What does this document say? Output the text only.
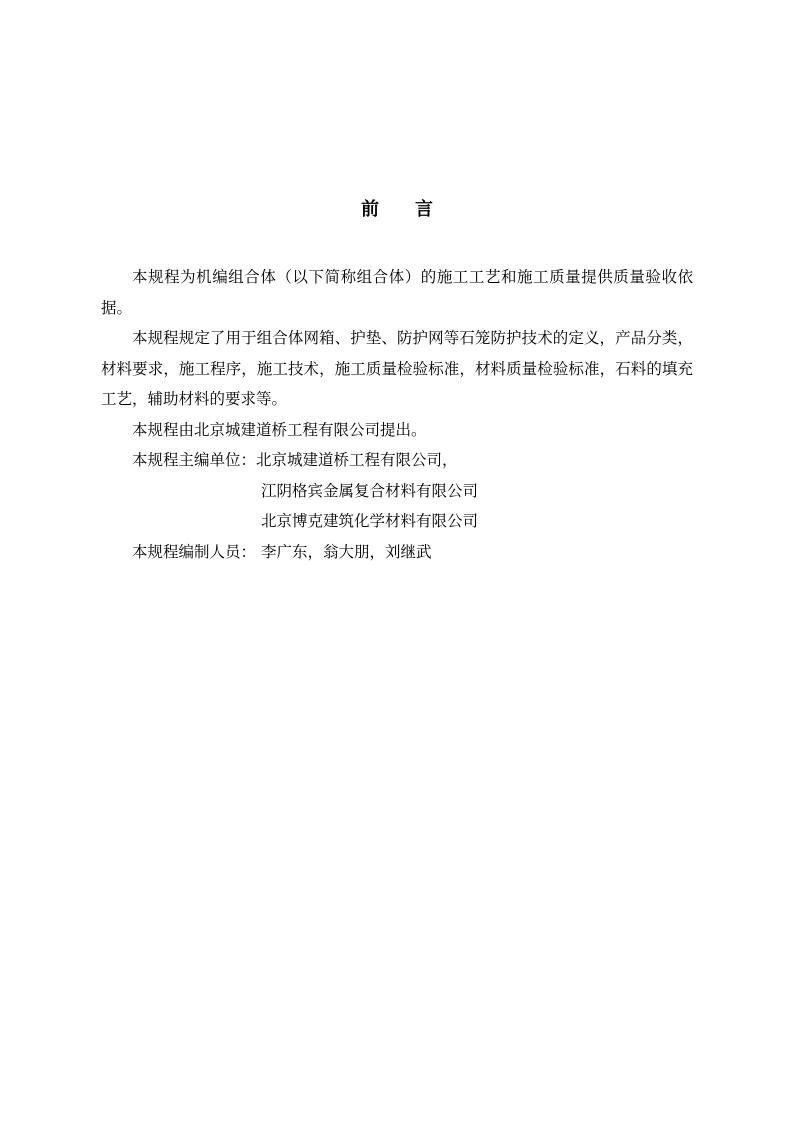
前 言

本规程为机编组合体（以下简称组合体）的施工工艺和施工质量提供质量验收依据。

本规程规定了用于组合体网箱、护垫、防护网等石笼防护技术的定义，产品分类，材料要求，施工程序，施工技术，施工质量检验标准，材料质量检验标准，石料的填充工艺，辅助材料的要求等。

本规程由北京城建道桥工程有限公司提出。

本规程主编单位：北京城建道桥工程有限公司，

江阴格宾金属复合材料有限公司

北京博克建筑化学材料有限公司

本规程编制人员： 李广东，翁大朋，刘继武
